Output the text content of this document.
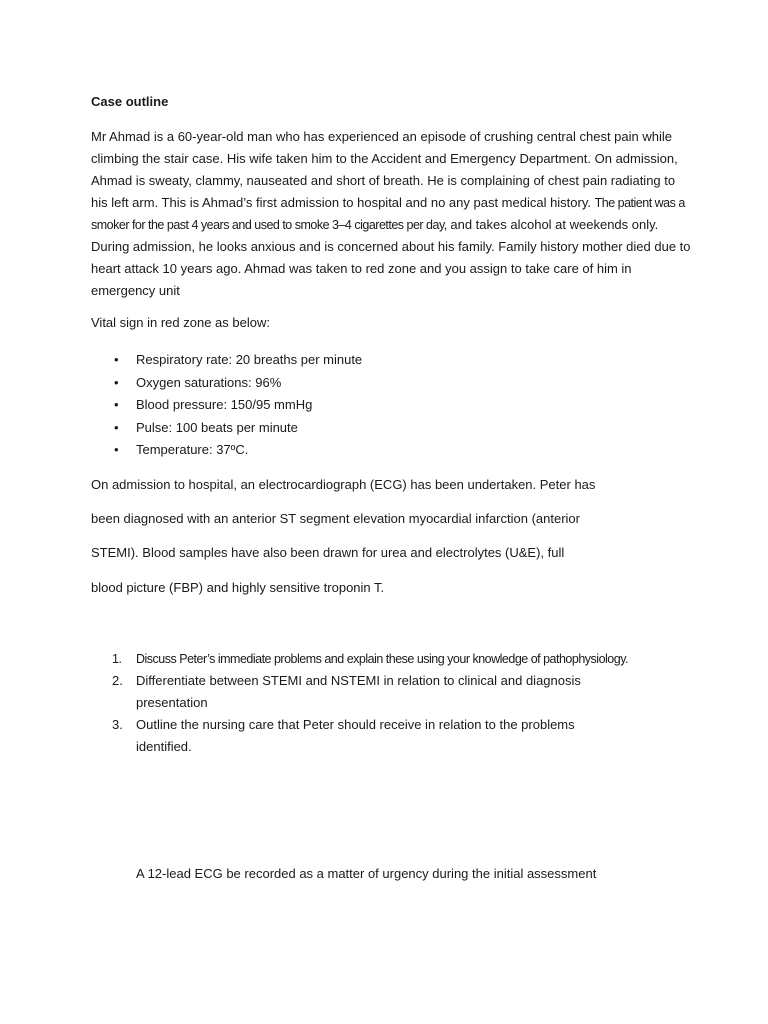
Case outline

Mr Ahmad is a 60-year-old man who has experienced an episode of crushing central chest pain while climbing the stair case. His wife taken him to the Accident and Emergency Department. On admission, Ahmad is sweaty, clammy, nauseated and short of breath. He is complaining of chest pain radiating to his left arm. This is Ahmad’s first admission to hospital and no any past medical history. The patient was a smoker for the past 4 years and used to smoke 3–4 cigarettes per day, and takes alcohol at weekends only. During admission, he looks anxious and is concerned about his family. Family history mother died due to heart attack 10 years ago. Ahmad was taken to red zone and you assign to take care of him in emergency unit

Vital sign in red zone as below:

• Respiratory rate: 20 breaths per minute
• Oxygen saturations: 96%
• Blood pressure: 150/95 mmHg
• Pulse: 100 beats per minute
• Temperature: 37ºC.

On admission to hospital, an electrocardiograph (ECG) has been undertaken. Peter has

been diagnosed with an anterior ST segment elevation myocardial infarction (anterior

STEMI). Blood samples have also been drawn for urea and electrolytes (U&E), full

blood picture (FBP) and highly sensitive troponin T.

1. Discuss Peter’s immediate problems and explain these using your knowledge of pathophysiology.
2. Differentiate between STEMI and NSTEMI in relation to clinical and diagnosis presentation
3. Outline the nursing care that Peter should receive in relation to the problems identified.

A 12-lead ECG be recorded as a matter of urgency during the initial assessment
